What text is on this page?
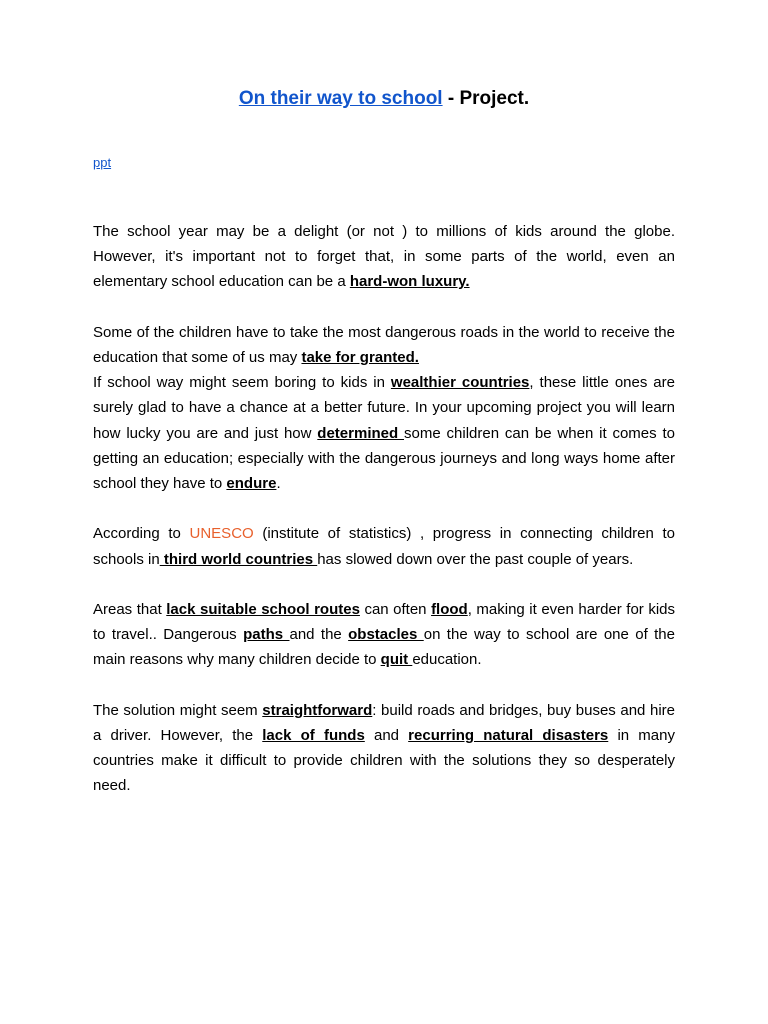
On their way to school - Project.
ppt

The school year may be a delight (or not ) to millions of kids around the globe. However, it's important not to forget that, in some parts of the world, even an elementary school education can be a hard-won luxury.

Some of the children have to take the most dangerous roads in the world to receive the education that some of us may take for granted.

If school way might seem boring to kids in wealthier countries, these little ones are surely glad to have a chance at a better future. In your upcoming project you will learn how lucky you are and just how determined some children can be when it comes to getting an education; especially with the dangerous journeys and long ways home after school they have to endure.

According to UNESCO (institute of statistics) , progress in connecting children to schools in third world countries has slowed down over the past couple of years.

Areas that lack suitable school routes can often flood, making it even harder for kids to travel.. Dangerous paths and the obstacles on the way to school are one of the main reasons why many children decide to quit education.

The solution might seem straightforward: build roads and bridges, buy buses and hire a driver. However, the lack of funds and recurring natural disasters in many countries make it difficult to provide children with the solutions they so desperately need.
